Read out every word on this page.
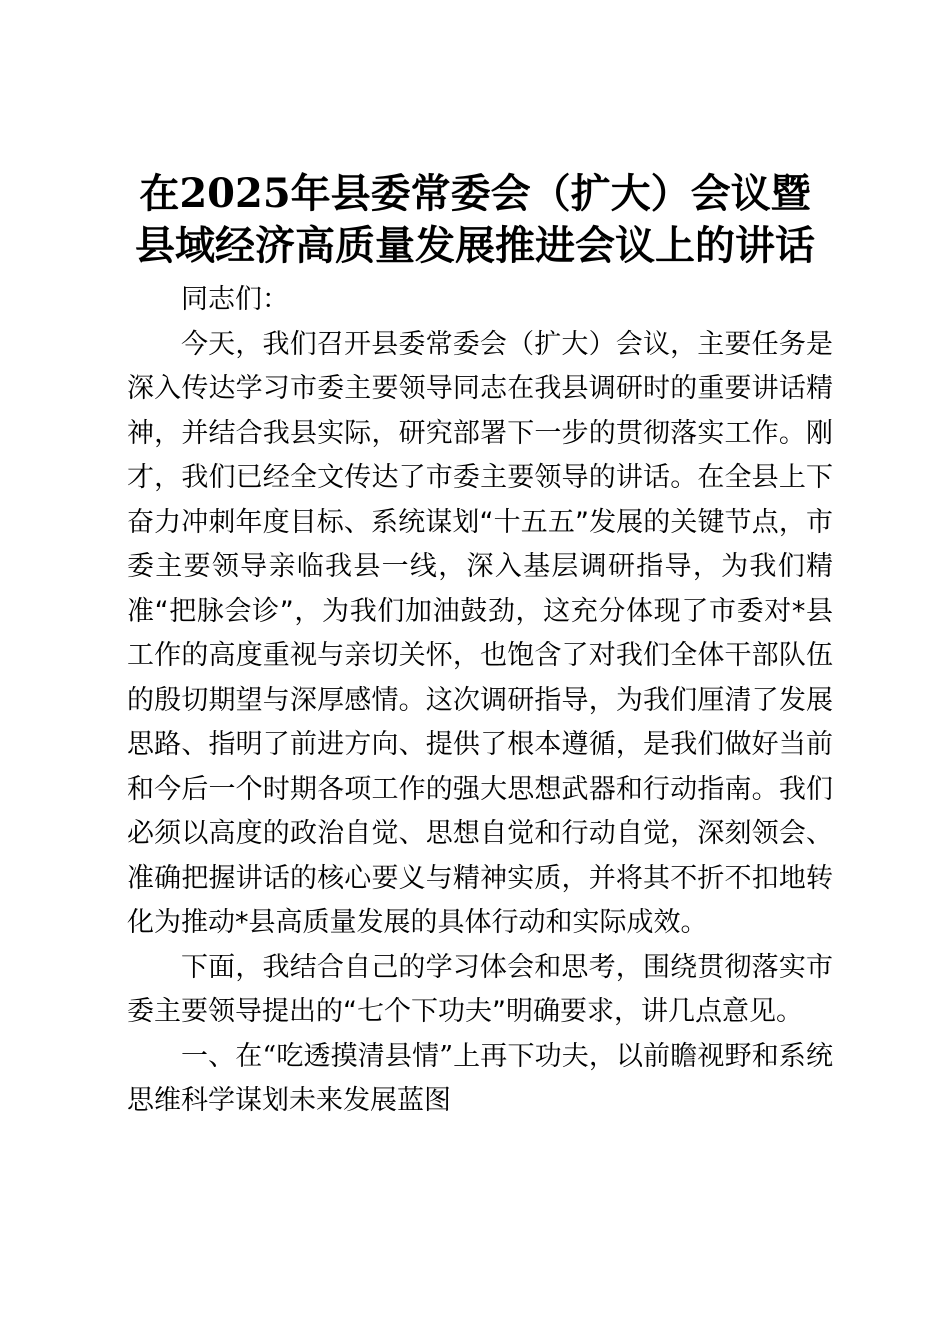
在2025年县委常委会（扩大）会议暨
县域经济高质量发展推进会议上的讲话

同志们：

今天，我们召开县委常委会（扩大）会议，主要任务是深入传达学习市委主要领导同志在我县调研时的重要讲话精神，并结合我县实际，研究部署下一步的贯彻落实工作。刚才，我们已经全文传达了市委主要领导的讲话。在全县上下奋力冲刺年度目标、系统谋划“十五五”发展的关键节点，市委主要领导亲临我县一线，深入基层调研指导，为我们精准“把脉会诊”，为我们加油鼓劲，这充分体现了市委对*县工作的高度重视与亲切关怀，也饱含了对我们全体干部队伍的殷切期望与深厚感情。这次调研指导，为我们厘清了发展思路、指明了前进方向、提供了根本遵循，是我们做好当前和今后一个时期各项工作的强大思想武器和行动指南。我们必须以高度的政治自觉、思想自觉和行动自觉，深刻领会、准确把握讲话的核心要义与精神实质，并将其不折不扣地转化为推动*县高质量发展的具体行动和实际成效。

下面，我结合自己的学习体会和思考，围绕贯彻落实市委主要领导提出的“七个下功夫”明确要求，讲几点意见。

一、在“吃透摸清县情”上再下功夫，以前瞻视野和系统思维科学谋划未来发展蓝图
